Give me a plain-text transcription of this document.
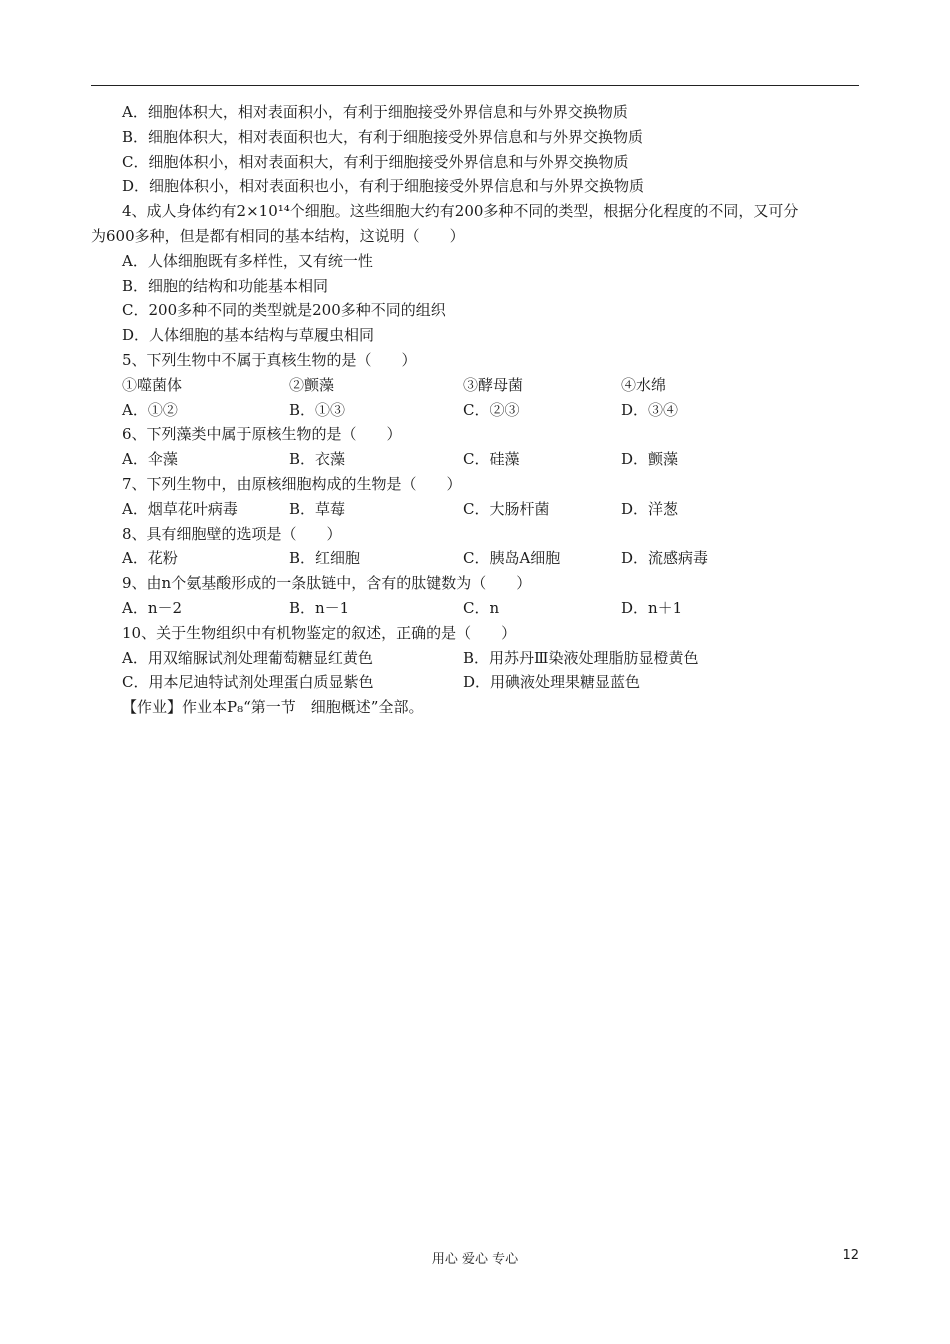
A．细胞体积大，相对表面积小，有利于细胞接受外界信息和与外界交换物质
B．细胞体积大，相对表面积也大，有利于细胞接受外界信息和与外界交换物质
C．细胞体积小，相对表面积大，有利于细胞接受外界信息和与外界交换物质
D．细胞体积小，相对表面积也小，有利于细胞接受外界信息和与外界交换物质
4、成人身体约有2×10¹⁴个细胞。这些细胞大约有200多种不同的类型，根据分化程度的不同，又可分
为600多种，但是都有相同的基本结构，这说明（　　）
A．人体细胞既有多样性，又有统一性
B．细胞的结构和功能基本相同
C．200多种不同的类型就是200多种不同的组织
D．人体细胞的基本结构与草履虫相同
5、下列生物中不属于真核生物的是（　　）
①噬菌体	②颤藻	③酵母菌	④水绵
A．①②	B．①③	C．②③	D．③④
6、下列藻类中属于原核生物的是（　　）
A．伞藻	B．衣藻	C．硅藻	D．颤藻
7、下列生物中，由原核细胞构成的生物是（　　）
A．烟草花叶病毒	B．草莓	C．大肠杆菌	D．洋葱
8、具有细胞壁的选项是（　　）
A．花粉	B．红细胞	C．胰岛A细胞	D．流感病毒
9、由n个氨基酸形成的一条肽链中，含有的肽键数为（　　）
A．n－2	B．n－1	C．n	D．n＋1
10、关于生物组织中有机物鉴定的叙述，正确的是（　　）
A．用双缩脲试剂处理葡萄糖显红黄色	B．用苏丹Ⅲ染液处理脂肪显橙黄色
C．用本尼迪特试剂处理蛋白质显紫色	D．用碘液处理果糖显蓝色
【作业】作业本P₈“第一节　细胞概述”全部。
用心 爱心 专心	12
